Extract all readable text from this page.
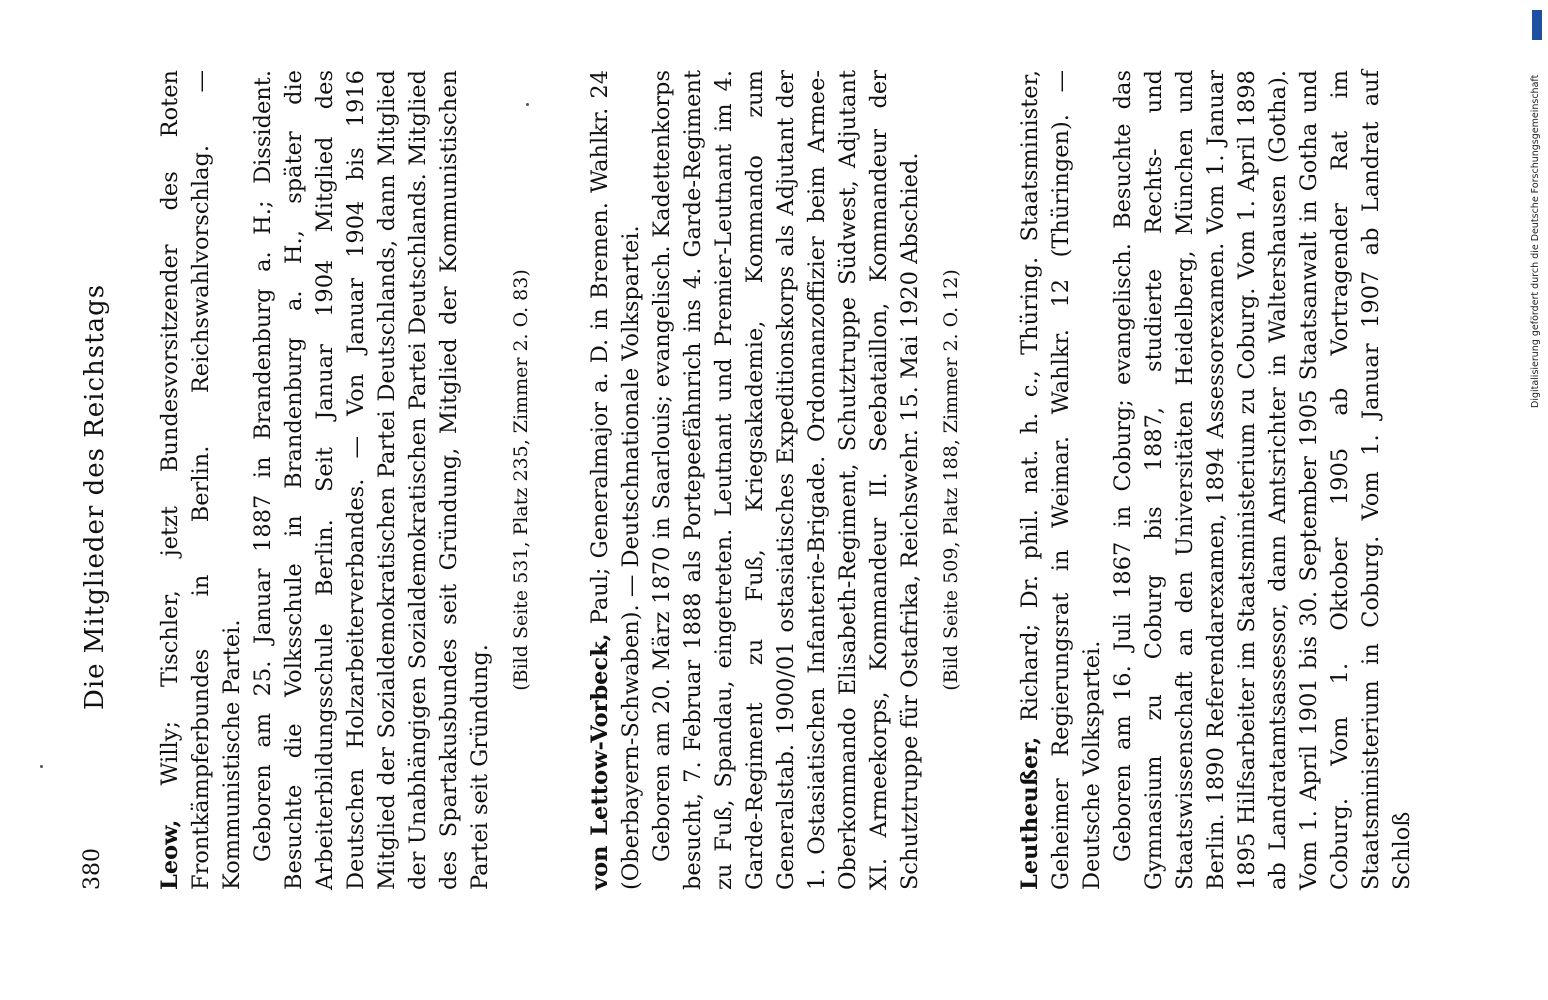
380
Die Mitglieder des Reichstags

Leow, Willy; Tischler, jetzt Bundesvorsitzender des Roten Frontkämpferbundes in Berlin. Reichswahlvorschlag. — Kommunistische Partei. Geboren am 25. Januar 1887 in Brandenburg a. H.; Dissident. Besuchte die Volksschule in Brandenburg a. H., später die Arbeiterbildungsschule Berlin. Seit Januar 1904 Mitglied des Deutschen Holzarbeiterverbandes. — Von Januar 1904 bis 1916 Mitglied der Sozialdemokratischen Partei Deutschlands, dann Mitglied der Unabhängigen Sozialdemokratischen Partei Deutschlands. Mitglied des Spartakusbundes seit Gründung, Mitglied der Kommunistischen Partei seit Gründung.

(Bild Seite 531, Platz 235, Zimmer 2. O. 83)

von Lettow-Vorbeck, Paul; Generalmajor a. D. in Bremen. Wahlkr. 24 (Oberbayern-Schwaben). — Deutschnationale Volkspartei. Geboren am 20. März 1870 in Saarlouis; evangelisch. Kadettenkorps besucht, 7. Februar 1888 als Portepeefähnrich ins 4. Garde-Regiment zu Fuß, Spandau, eingetreten. Leutnant und Premier-Leutnant im 4. Garde-Regiment zu Fuß, Kriegsakademie, Kommando zum Generalstab. 1900/01 ostasiatisches Expeditionskorps als Adjutant der 1. Ostasiatischen Infanterie-Brigade. Ordonnanzoffizier beim Armee-Oberkommando Elisabeth-Regiment, Schutztruppe Südwest, Adjutant XI. Armeekorps, Kommandeur II. Seebataillon, Kommandeur der Schutztruppe für Ostafrika, Reichswehr. 15. Mai 1920 Abschied. (Bild Seite 509, Platz 188, Zimmer 2. O. 12)

Leutheußer, Richard; Dr. phil. nat. h. c., Thüring. Staatsminister, Geheimer Regierungsrat in Weimar. Wahlkr. 12 (Thüringen). — Deutsche Volkspartei. Geboren am 16. Juli 1867 in Coburg; evangelisch. Besuchte das Gymnasium zu Coburg bis 1887, studierte Rechts- und Staatswissenschaft an den Universitäten Heidelberg, München und Berlin. 1890 Referendarexamen, 1894 Assessorexamen. Vom 1. Januar 1895 Hilfsarbeiter im Staatsministerium zu Coburg. Vom 1. April 1898 ab Landratamtsassessor, dann Amtsrichter in Waltershausen (Gotha). Vom 1. April 1901 bis 30. September 1905 Staatsanwalt in Gotha und Coburg. Vom 1. Oktober 1905 ab Vortragender Rat im Staatsministerium in Coburg. Vom 1. Januar 1907 ab Landrat auf Schloß

Digitalisierung gefördert durch die Deutsche Forschungsgemeinschaft
